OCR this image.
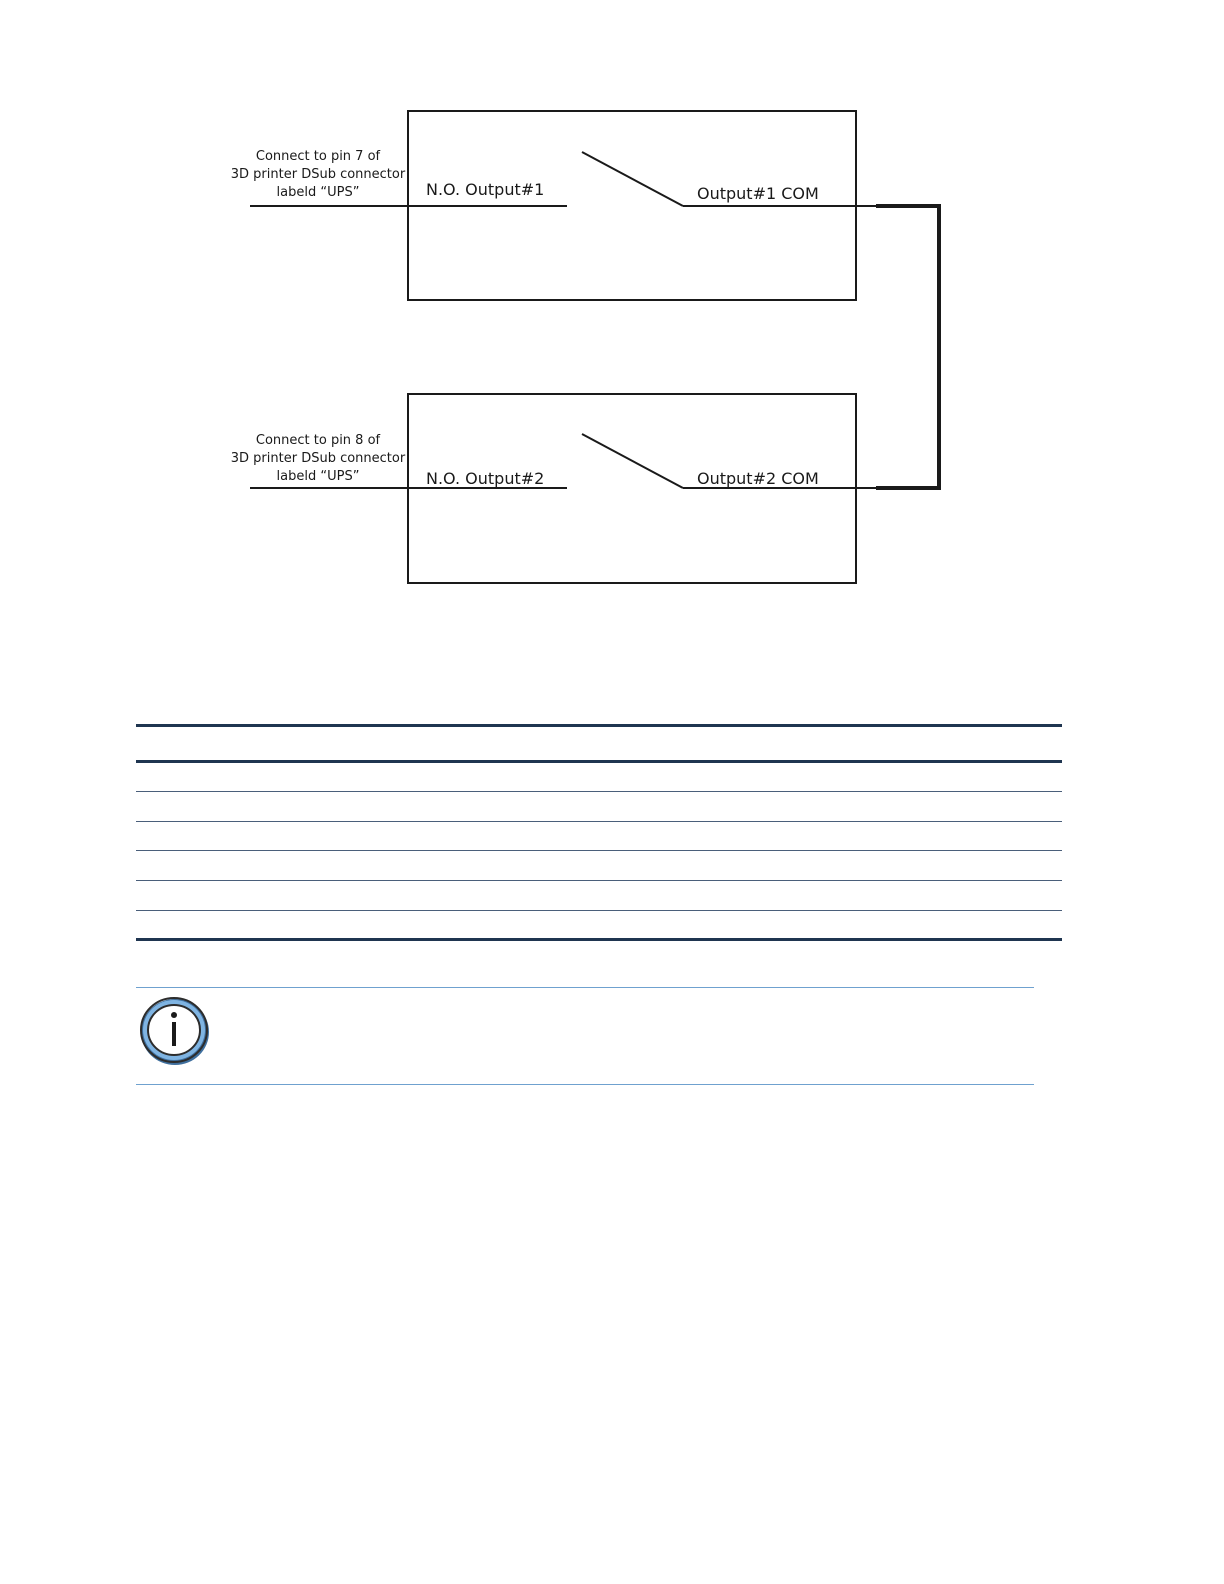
Connect to pin 7 of
3D printer DSub connector
labeld “UPS”	N.O. Output#1	Output#1 COM
Connect to pin 8 of
3D printer DSub connector
labeld “UPS”	N.O. Output#2	Output#2 COM
